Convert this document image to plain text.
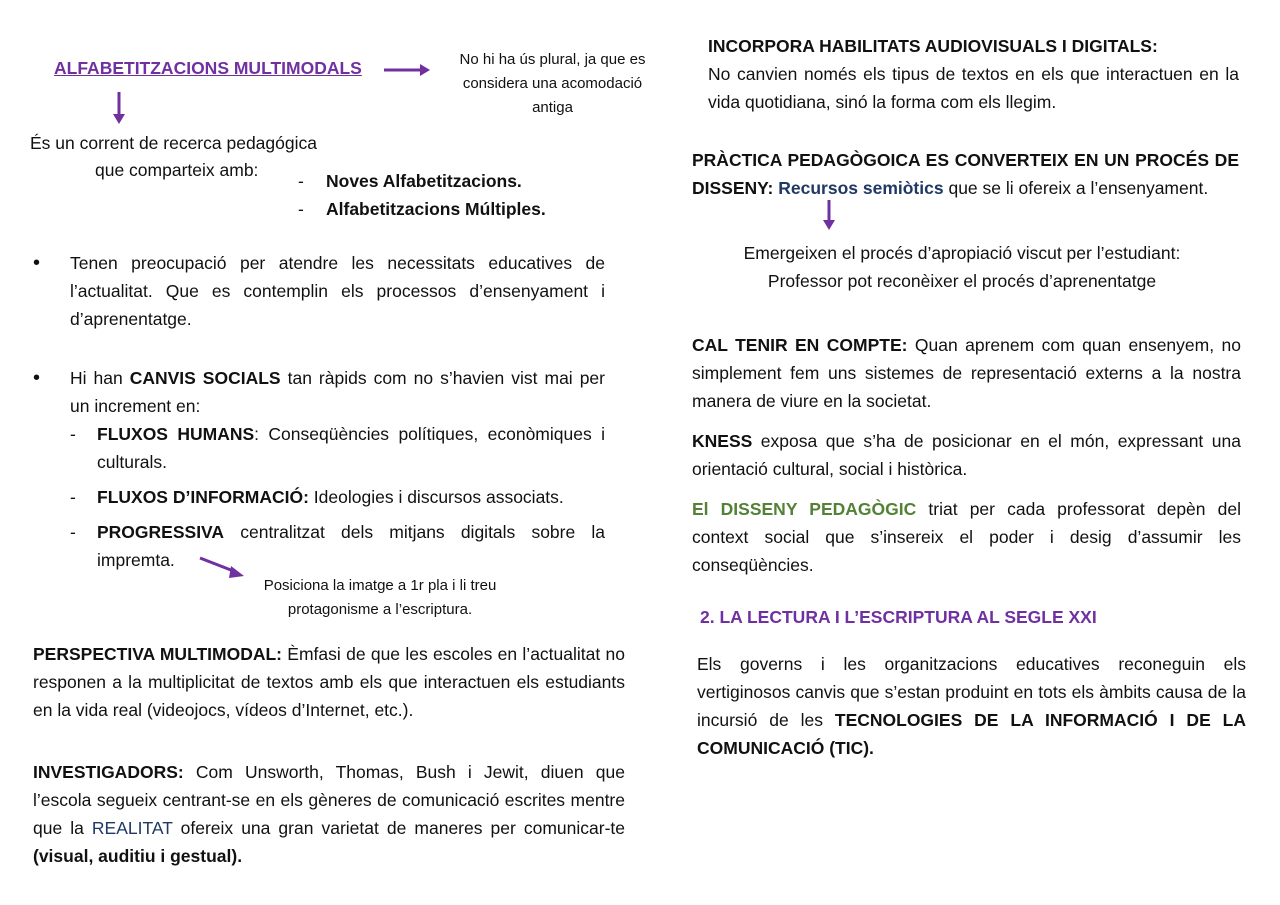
ALFABETITZACIONS MULTIMODALS	No hi ha ús plural, ja que es
considera una acomodació
antiga
És un corrent de recerca pedagógica
que comparteix amb:
- Noves Alfabetitzacions.
- Alfabetitzacions Múltiples.
• Tenen preocupació per atendre les necessitats educatives de l’actualitat. Que es contemplin els processos d’ensenyament i d’aprenentatge.
• Hi han CANVIS SOCIALS tan ràpids com no s’havien vist mai per un increment en:
- FLUXOS HUMANS: Conseqüències polítiques, econòmiques i culturals.
- FLUXOS D’INFORMACIÓ: Ideologies i discursos associats.
- PROGRESSIVA centralitzat dels mitjans digitals sobre la impremta.
Posiciona la imatge a 1r pla i li treu
protagonisme a l’escriptura.
PERSPECTIVA MULTIMODAL: Èmfasi de que les escoles en l’actualitat no responen a la multiplicitat de textos amb els que interactuen els estudiants en la vida real (videojocs, vídeos d’Internet, etc.).
INVESTIGADORS: Com Unsworth, Thomas, Bush i Jewit, diuen que l’escola segueix centrant-se en els gèneres de comunicació escrites mentre que la REALITAT ofereix una gran varietat de maneres per comunicar-te (visual, auditiu i gestual).
INCORPORA HABILITATS AUDIOVISUALS I DIGITALS:
No canvien només els tipus de textos en els que interactuen en la vida quotidiana, sinó la forma com els llegim.
PRÀCTICA PEDAGÒGOICA ES CONVERTEIX EN UN PROCÉS DE DISSENY: Recursos semiòtics que se li ofereix a l’ensenyament.
Emergeixen el procés d’apropiació viscut per l’estudiant:
Professor pot reconèixer el procés d’aprenentatge
CAL TENIR EN COMPTE: Quan aprenem com quan ensenyem, no simplement fem uns sistemes de representació externs a la nostra manera de viure en la societat.
KNESS exposa que s’ha de posicionar en el món, expressant una orientació cultural, social i històrica.
El DISSENY PEDAGÒGIC triat per cada professorat depèn del context social que s’insereix el poder i desig d’assumir les conseqüències.
2. LA LECTURA I L’ESCRIPTURA AL SEGLE XXI
Els governs i les organitzacions educatives reconeguin els vertiginosos canvis que s’estan produint en tots els àmbits causa de la incursió de les TECNOLOGIES DE LA INFORMACIÓ I DE LA COMUNICACIÓ (TIC).
